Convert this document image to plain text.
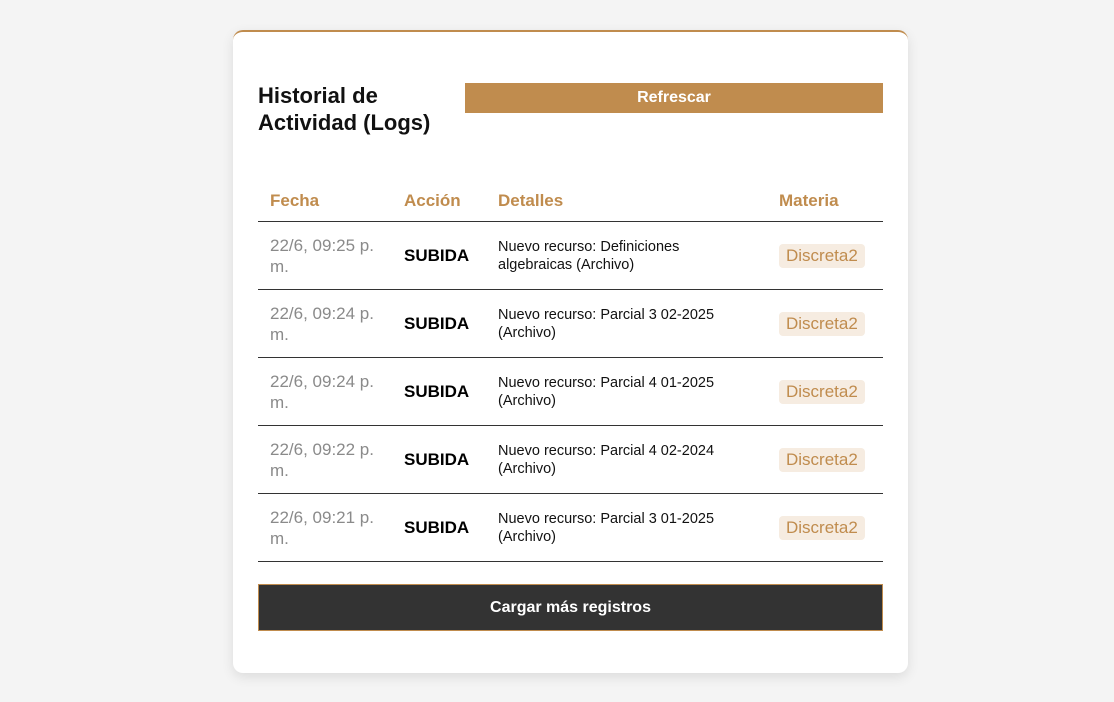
Historial de Actividad (Logs)
Refrescar
Fecha	Acción	Detalles	Materia
22/6, 09:25 p. m.	SUBIDA	Nuevo recurso: Definiciones algebraicas (Archivo)	Discreta2
22/6, 09:24 p. m.	SUBIDA	Nuevo recurso: Parcial 3 02-2025 (Archivo)	Discreta2
22/6, 09:24 p. m.	SUBIDA	Nuevo recurso: Parcial 4 01-2025 (Archivo)	Discreta2
22/6, 09:22 p. m.	SUBIDA	Nuevo recurso: Parcial 4 02-2024 (Archivo)	Discreta2
22/6, 09:21 p. m.	SUBIDA	Nuevo recurso: Parcial 3 01-2025 (Archivo)	Discreta2
Cargar más registros
